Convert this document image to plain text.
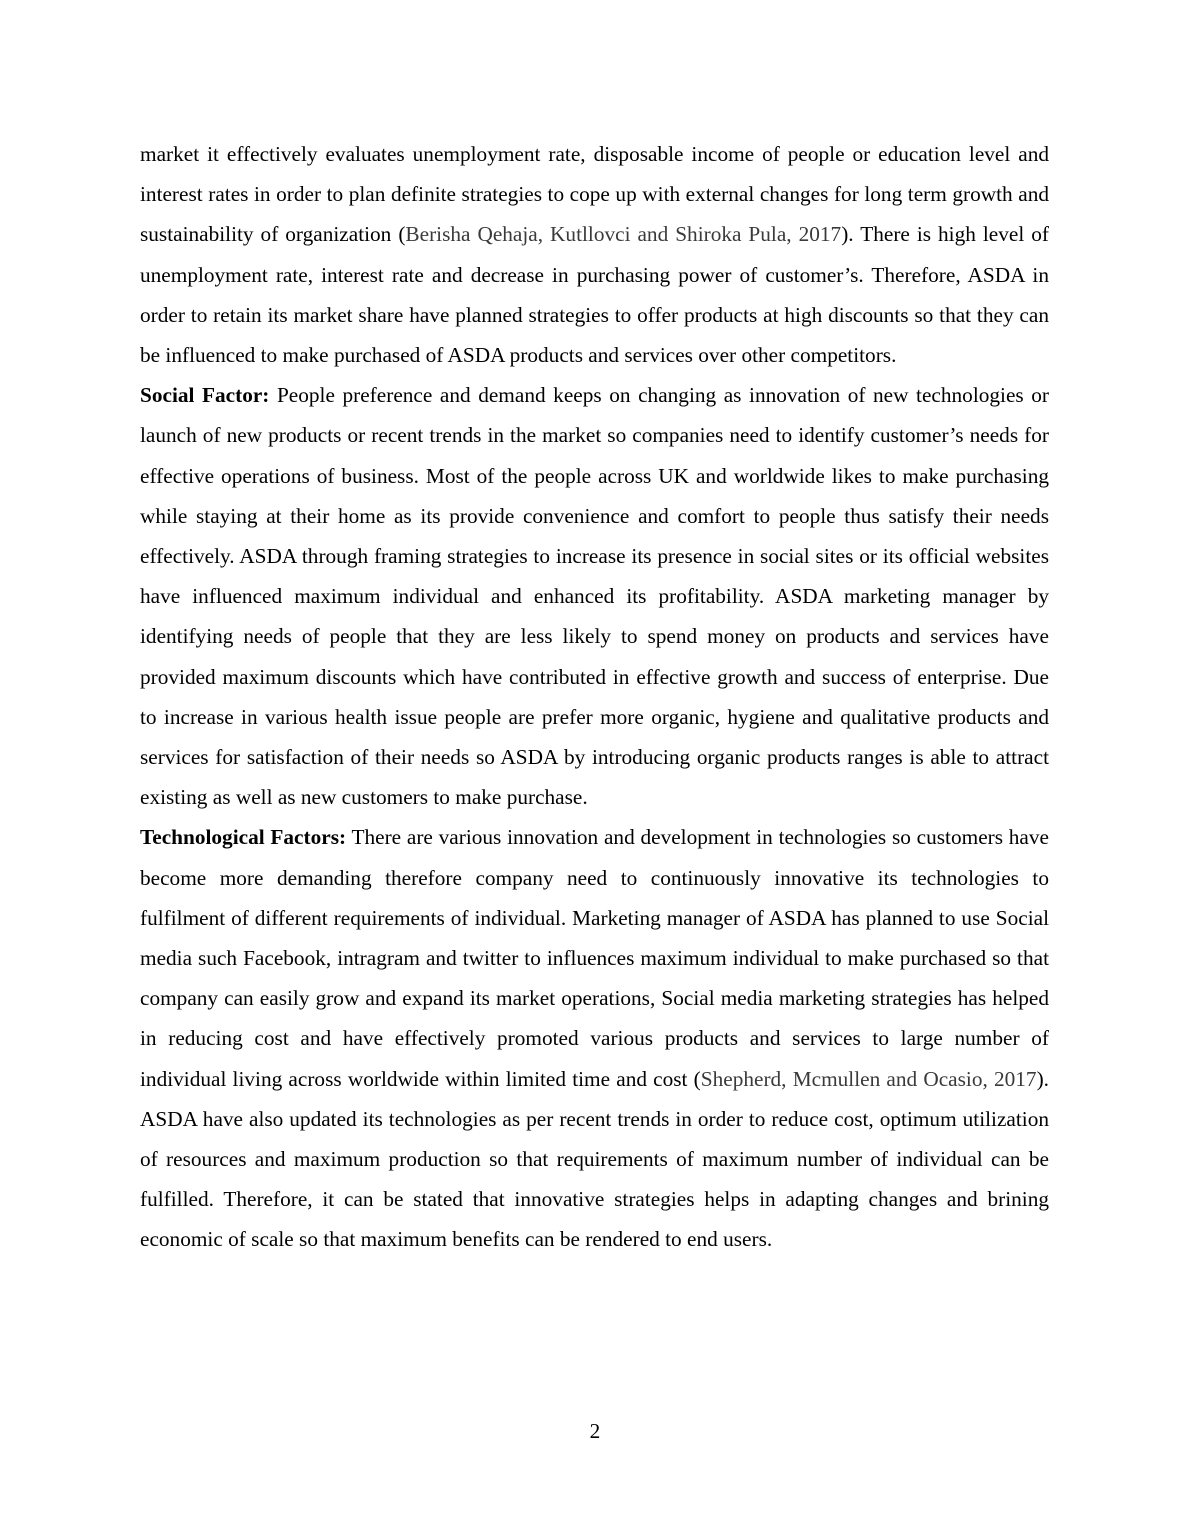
market it effectively evaluates unemployment rate, disposable income of people or education level and interest rates in order to plan definite strategies to cope up with external changes for long term growth and sustainability of organization (Berisha Qehaja, Kutllovci and Shiroka Pula, 2017). There is high level of unemployment rate, interest rate and decrease in purchasing power of customer’s. Therefore, ASDA in order to retain its market share have planned strategies to offer products at high discounts so that they can be influenced to make purchased of ASDA products and services over other competitors.

Social Factor: People preference and demand keeps on changing as innovation of new technologies or launch of new products or recent trends in the market so companies need to identify customer’s needs for effective operations of business. Most of the people across UK and worldwide likes to make purchasing while staying at their home as its provide convenience and comfort to people thus satisfy their needs effectively. ASDA through framing strategies to increase its presence in social sites or its official websites have influenced maximum individual and enhanced its profitability. ASDA marketing manager by identifying needs of people that they are less likely to spend money on products and services have provided maximum discounts which have contributed in effective growth and success of enterprise. Due to increase in various health issue people are prefer more organic, hygiene and qualitative products and services for satisfaction of their needs so ASDA by introducing organic products ranges is able to attract existing as well as new customers to make purchase.

Technological Factors: There are various innovation and development in technologies so customers have become more demanding therefore company need to continuously innovative its technologies to fulfilment of different requirements of individual. Marketing manager of ASDA has planned to use Social media such Facebook, intragram and twitter to influences maximum individual to make purchased so that company can easily grow and expand its market operations, Social media marketing strategies has helped in reducing cost and have effectively promoted various products and services to large number of individual living across worldwide within limited time and cost (Shepherd, Mcmullen and Ocasio, 2017). ASDA have also updated its technologies as per recent trends in order to reduce cost, optimum utilization of resources and maximum production so that requirements of maximum number of individual can be fulfilled. Therefore, it can be stated that innovative strategies helps in adapting changes and brining economic of scale so that maximum benefits can be rendered to end users.

2
